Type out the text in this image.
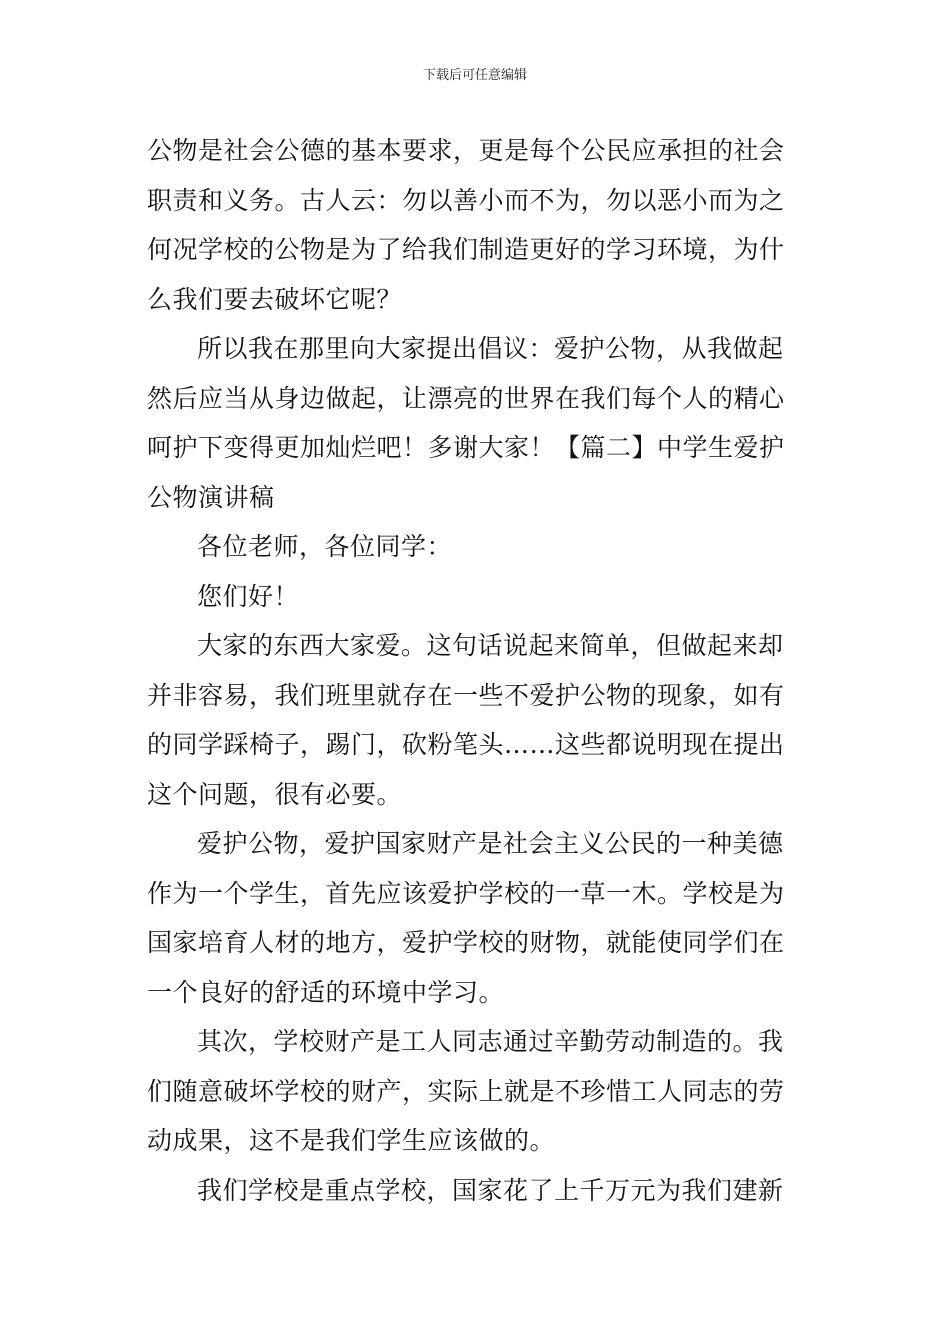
下载后可任意编辑
公物是社会公德的基本要求，更是每个公民应承担的社会
职责和义务。古人云：勿以善小而不为，勿以恶小而为之
何况学校的公物是为了给我们制造更好的学习环境，为什
么我们要去破坏它呢？
所以我在那里向大家提出倡议：爱护公物，从我做起
然后应当从身边做起，让漂亮的世界在我们每个人的精心
呵护下变得更加灿烂吧！多谢大家！【篇二】中学生爱护
公物演讲稿
各位老师，各位同学：
您们好！
大家的东西大家爱。这句话说起来简单，但做起来却
并非容易，我们班里就存在一些不爱护公物的现象，如有
的同学踩椅子，踢门，砍粉笔头……这些都说明现在提出
这个问题，很有必要。
爱护公物，爱护国家财产是社会主义公民的一种美德
作为一个学生，首先应该爱护学校的一草一木。学校是为
国家培育人材的地方，爱护学校的财物，就能使同学们在
一个良好的舒适的环境中学习。
其次，学校财产是工人同志通过辛勤劳动制造的。我
们随意破坏学校的财产，实际上就是不珍惜工人同志的劳
动成果，这不是我们学生应该做的。
我们学校是重点学校，国家花了上千万元为我们建新
